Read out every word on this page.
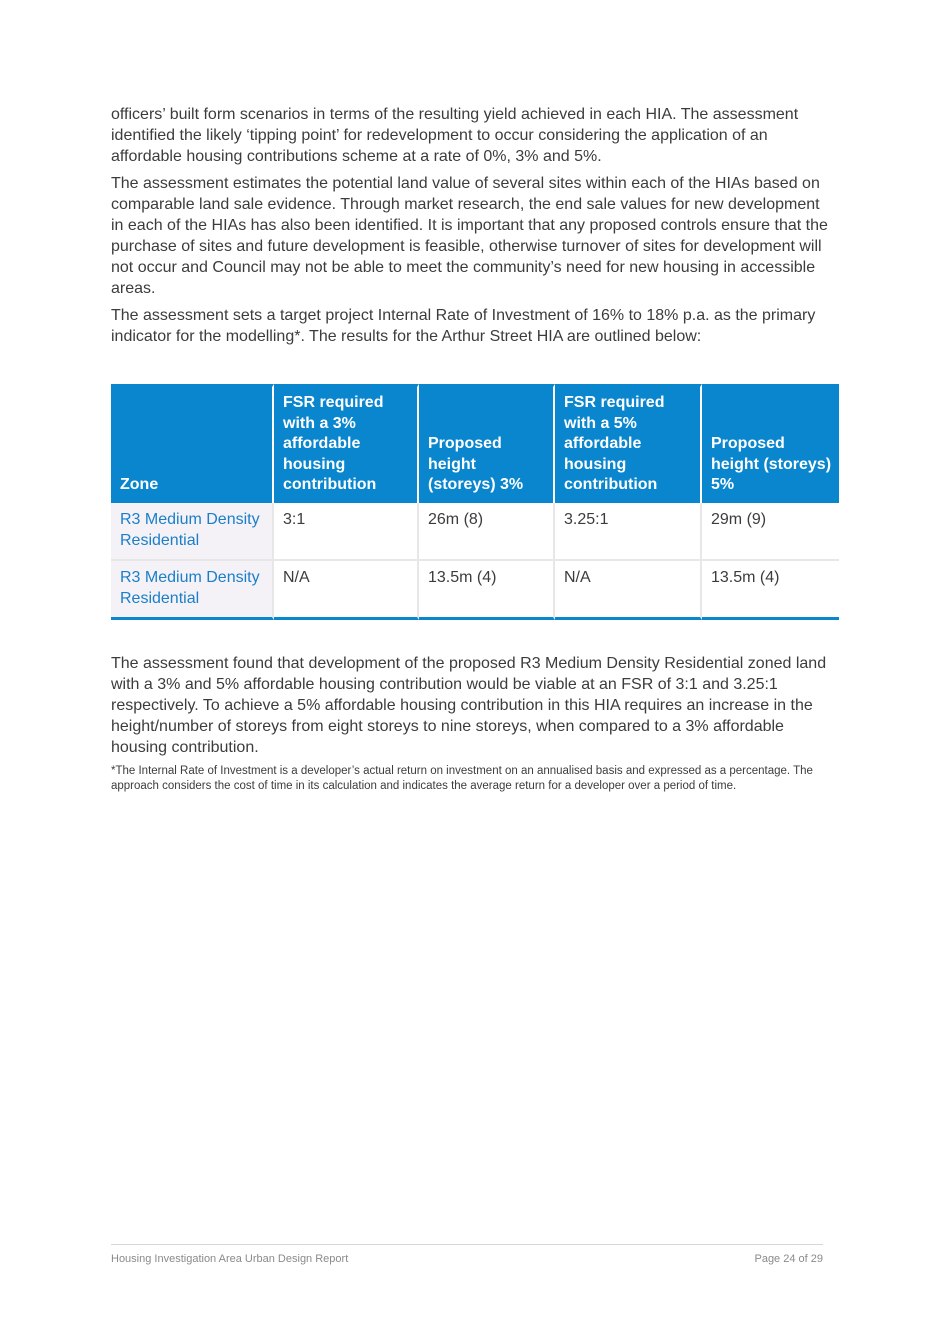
officers’ built form scenarios in terms of the resulting yield achieved in each HIA. The assessment identified the likely ‘tipping point’ for redevelopment to occur considering the application of an affordable housing contributions scheme at a rate of 0%, 3% and 5%.

The assessment estimates the potential land value of several sites within each of the HIAs based on comparable land sale evidence. Through market research, the end sale values for new development in each of the HIAs has also been identified. It is important that any proposed controls ensure that the purchase of sites and future development is feasible, otherwise turnover of sites for development will not occur and Council may not be able to meet the community’s need for new housing in accessible areas.

The assessment sets a target project Internal Rate of Investment of 16% to 18% p.a. as the primary indicator for the modelling*. The results for the Arthur Street HIA are outlined below:

Zone	FSR required with a 3% affordable housing contribution	Proposed height (storeys) 3%	FSR required with a 5% affordable housing contribution	Proposed height (storeys) 5%
R3 Medium Density Residential	3:1	26m (8)	3.25:1	29m (9)
R3 Medium Density Residential	N/A	13.5m (4)	N/A	13.5m (4)

The assessment found that development of the proposed R3 Medium Density Residential zoned land with a 3% and 5% affordable housing contribution would be viable at an FSR of 3:1 and 3.25:1 respectively. To achieve a 5% affordable housing contribution in this HIA requires an increase in the height/number of storeys from eight storeys to nine storeys, when compared to a 3% affordable housing contribution.

*The Internal Rate of Investment is a developer’s actual return on investment on an annualised basis and expressed as a percentage. The approach considers the cost of time in its calculation and indicates the average return for a developer over a period of time.

Housing Investigation Area Urban Design Report	Page 24 of 29
